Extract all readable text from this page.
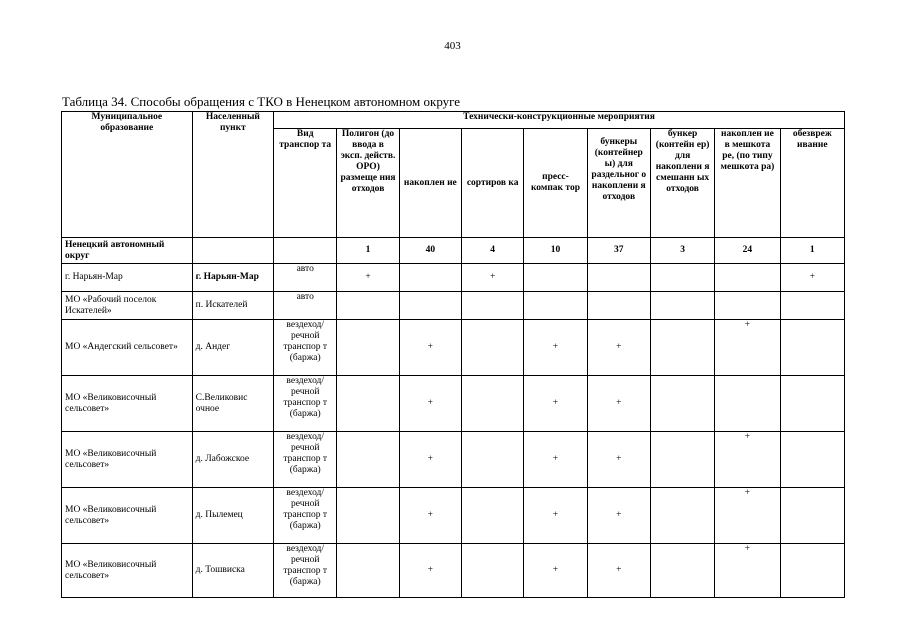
403
Таблица 34. Способы обращения с ТКО в Ненецком автономном округе
Муниципальное образование	Населенный пункт	Технически-конструкционные мероприятия								
		Вид транспор та	Полигон (до ввода в эксп. действ. ОРО) размеще ния отходов	накоплен ие	сортиров ка	пресс-компак тор	бункеры (контейнер ы) для раздельног о накоплени я отходов	бункер (контейн ер) для накоплени я смешанн ых отходов	накоплен ие в мешкота ре, (по типу мешкота ра)	обезвреж ивание
Ненецкий автономный округ			1	40	4	10	37	3	24	1
г. Нарьян-Мар	г. Нарьян-Мар	авто	+		+					+
МО «Рабочий поселок Искателей»	п. Искателей	авто								
МО «Андегский сельсовет»	д. Андег	вездеход/ речной транспор т (баржа)		+		+	+		+	
МО «Великовисочный сельсовет»	С.Великовис очное	вездеход/ речной транспор т (баржа)		+		+	+			
МО «Великовисочный сельсовет»	д. Лабожское	вездеход/ речной транспор т (баржа)		+		+	+		+	
МО «Великовисочный сельсовет»	д. Пылемец	вездеход/ речной транспор т (баржа)		+		+	+		+	
МО «Великовисочный сельсовет»	д. Тошвиска	вездеход/ речной транспор т (баржа)		+		+	+		+	
